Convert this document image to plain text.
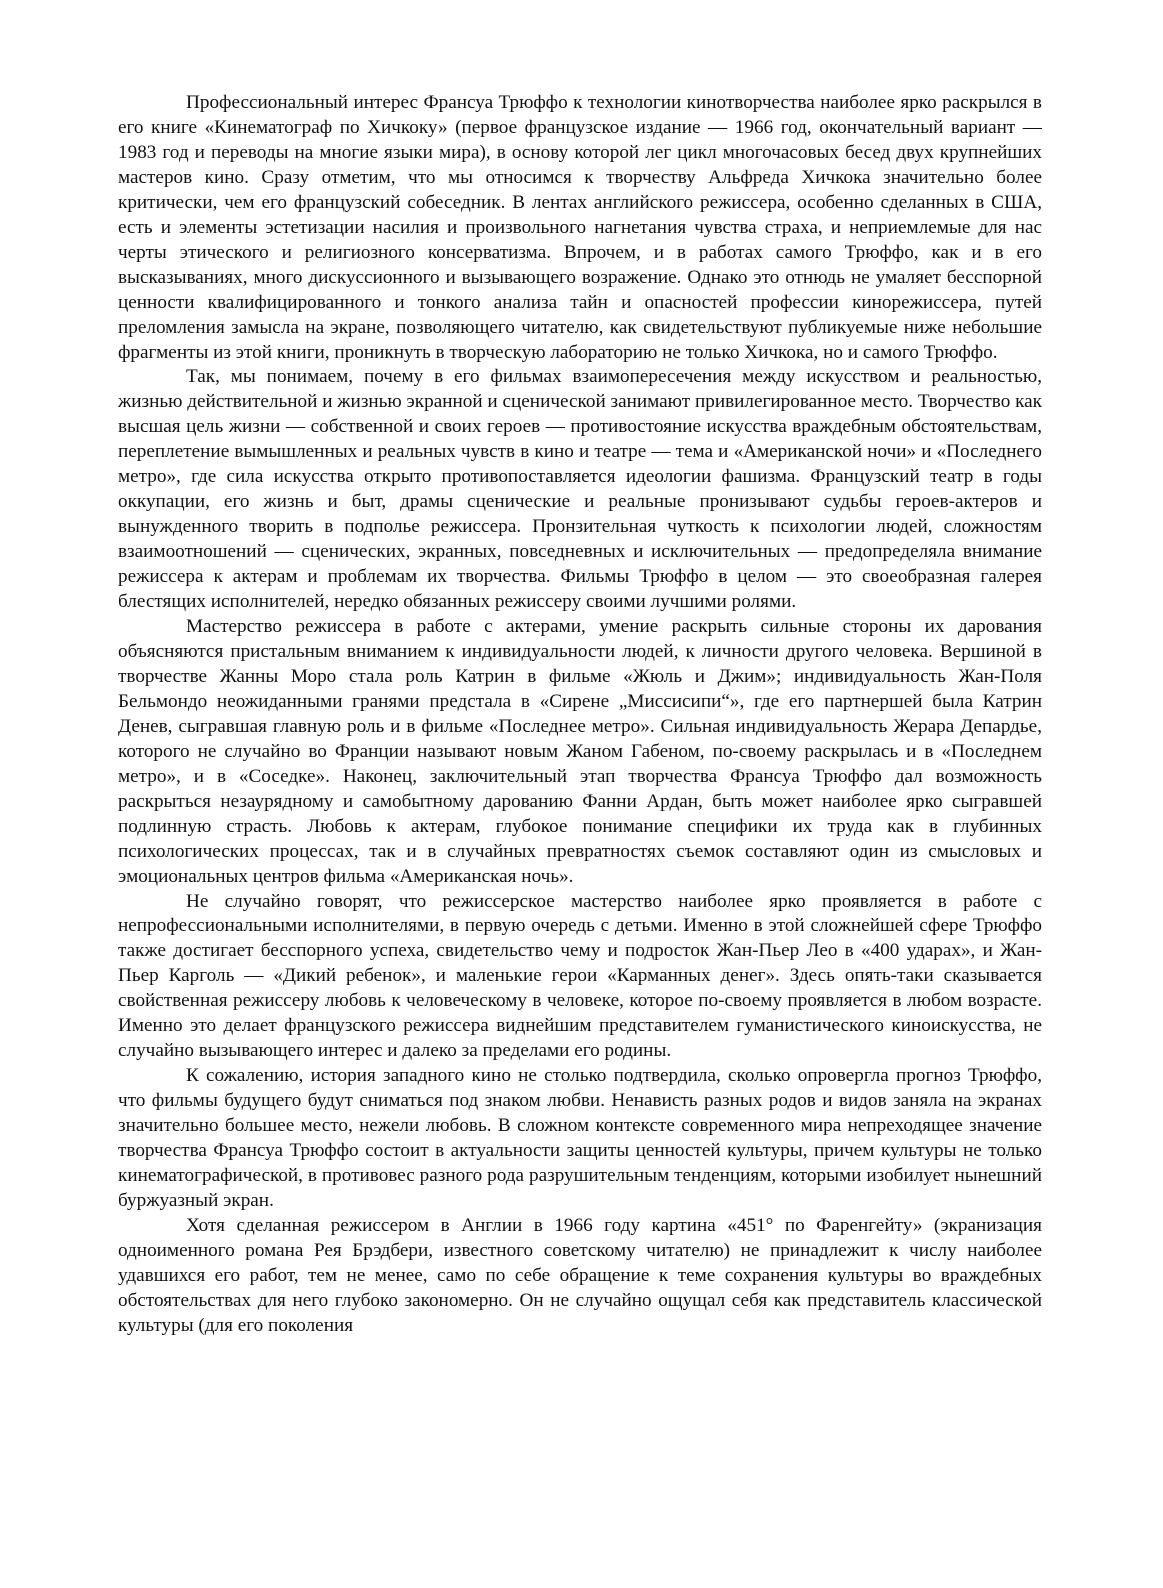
Профессиональный интерес Франсуа Трюффо к технологии кинотворчества наиболее ярко раскрылся в его книге «Кинематограф по Хичкоку» (первое французское издание — 1966 год, окончательный вариант — 1983 год и переводы на многие языки мира), в основу которой лег цикл многочасовых бесед двух крупнейших мастеров кино. Сразу отметим, что мы относимся к творчеству Альфреда Хичкока значительно более критически, чем его французский собеседник. В лентах английского режиссера, особенно сделанных в США, есть и элементы эстетизации насилия и произвольного нагнетания чувства страха, и неприемлемые для нас черты этического и религиозного консерватизма. Впрочем, и в работах самого Трюффо, как и в его высказываниях, много дискуссионного и вызывающего возражение. Однако это отнюдь не умаляет бесспорной ценности квалифицированного и тонкого анализа тайн и опасностей профессии кинорежиссера, путей преломления замысла на экране, позволяющего читателю, как свидетельствуют публикуемые ниже небольшие фрагменты из этой книги, проникнуть в творческую лабораторию не только Хичкока, но и самого Трюффо.

Так, мы понимаем, почему в его фильмах взаимопересечения между искусством и реальностью, жизнью действительной и жизнью экранной и сценической занимают привилегированное место. Творчество как высшая цель жизни — собственной и своих героев — противостояние искусства враждебным обстоятельствам, переплетение вымышленных и реальных чувств в кино и театре — тема и «Американской ночи» и «Последнего метро», где сила искусства открыто противопоставляется идеологии фашизма. Французский театр в годы оккупации, его жизнь и быт, драмы сценические и реальные пронизывают судьбы героев-актеров и вынужденного творить в подполье режиссера. Пронзительная чуткость к психологии людей, сложностям взаимоотношений — сценических, экранных, повседневных и исключительных — предопределяла внимание режиссера к актерам и проблемам их творчества. Фильмы Трюффо в целом — это своеобразная галерея блестящих исполнителей, нередко обязанных режиссеру своими лучшими ролями.

Мастерство режиссера в работе с актерами, умение раскрыть сильные стороны их дарования объясняются пристальным вниманием к индивидуальности людей, к личности другого человека. Вершиной в творчестве Жанны Моро стала роль Катрин в фильме «Жюль и Джим»; индивидуальность Жан-Поля Бельмондо неожиданными гранями предстала в «Сирене „Миссисипи“», где его партнершей была Катрин Денев, сыгравшая главную роль и в фильме «Последнее метро». Сильная индивидуальность Жерара Депардье, которого не случайно во Франции называют новым Жаном Габеном, по-своему раскрылась и в «Последнем метро», и в «Соседке». Наконец, заключительный этап творчества Франсуа Трюффо дал возможность раскрыться незаурядному и самобытному дарованию Фанни Ардан, быть может наиболее ярко сыгравшей подлинную страсть. Любовь к актерам, глубокое понимание специфики их труда как в глубинных психологических процессах, так и в случайных превратностях съемок составляют один из смысловых и эмоциональных центров фильма «Американская ночь».

Не случайно говорят, что режиссерское мастерство наиболее ярко проявляется в работе с непрофессиональными исполнителями, в первую очередь с детьми. Именно в этой сложнейшей сфере Трюффо также достигает бесспорного успеха, свидетельство чему и подросток Жан-Пьер Лео в «400 ударах», и Жан-Пьер Карголь — «Дикий ребенок», и маленькие герои «Карманных денег». Здесь опять-таки сказывается свойственная режиссеру любовь к человеческому в человеке, которое по-своему проявляется в любом возрасте. Именно это делает французского режиссера виднейшим представителем гуманистического киноискусства, не случайно вызывающего интерес и далеко за пределами его родины.

К сожалению, история западного кино не столько подтвердила, сколько опровергла прогноз Трюффо, что фильмы будущего будут сниматься под знаком любви. Ненависть разных родов и видов заняла на экранах значительно большее место, нежели любовь. В сложном контексте современного мира непреходящее значение творчества Франсуа Трюффо состоит в актуальности защиты ценностей культуры, причем культуры не только кинематографической, в противовес разного рода разрушительным тенденциям, которыми изобилует нынешний буржуазный экран.

Хотя сделанная режиссером в Англии в 1966 году картина «451° по Фаренгейту» (экранизация одноименного романа Рея Брэдбери, известного советскому читателю) не принадлежит к числу наиболее удавшихся его работ, тем не менее, само по себе обращение к теме сохранения культуры во враждебных обстоятельствах для него глубоко закономерно. Он не случайно ощущал себя как представитель классической культуры (для его поколения
